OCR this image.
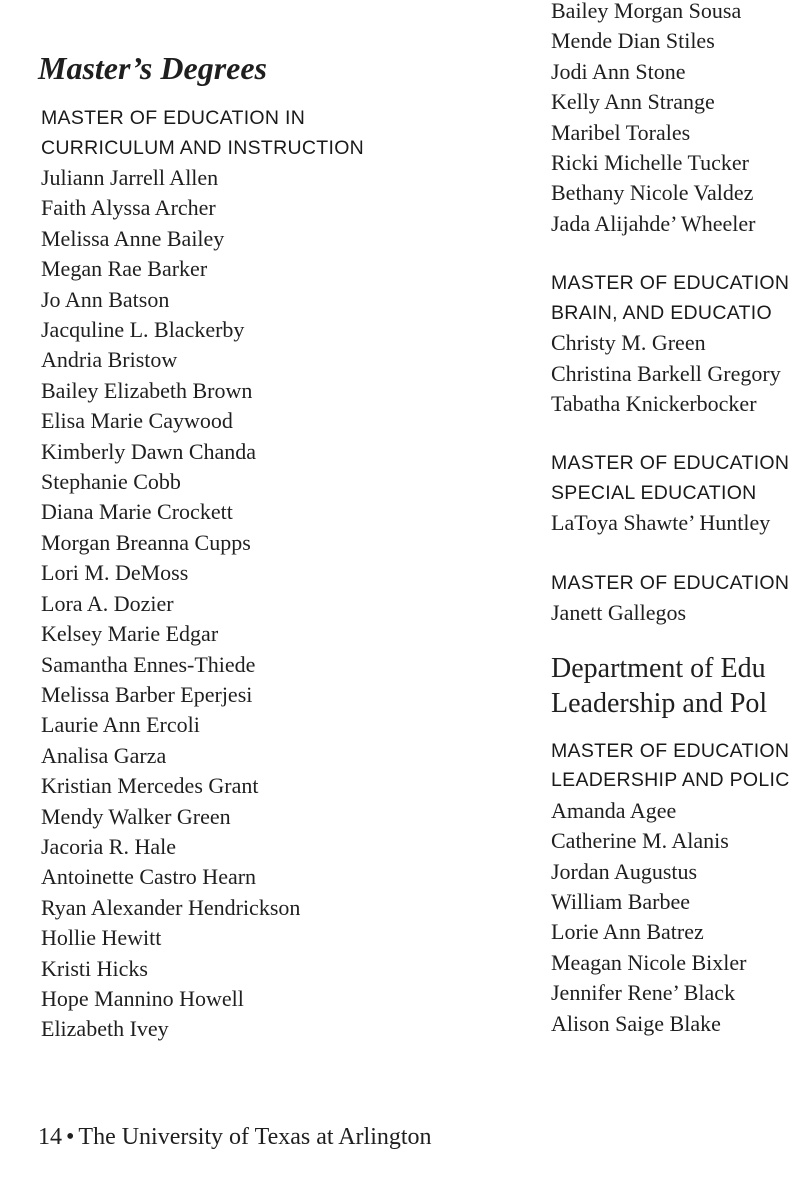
Master’s Degrees
MASTER OF EDUCATION IN
CURRICULUM AND INSTRUCTION
Juliann Jarrell Allen
Faith Alyssa Archer
Melissa Anne Bailey
Megan Rae Barker
Jo Ann Batson
Jacquline L. Blackerby
Andria Bristow
Bailey Elizabeth Brown
Elisa Marie Caywood
Kimberly Dawn Chanda
Stephanie Cobb
Diana Marie Crockett
Morgan Breanna Cupps
Lori M. DeMoss
Lora A. Dozier
Kelsey Marie Edgar
Samantha Ennes-Thiede
Melissa Barber Eperjesi
Laurie Ann Ercoli
Analisa Garza
Kristian Mercedes Grant
Mendy Walker Green
Jacoria R. Hale
Antoinette Castro Hearn
Ryan Alexander Hendrickson
Hollie Hewitt
Kristi Hicks
Hope Mannino Howell
Elizabeth Ivey
Bailey Morgan Sousa
Mende Dian Stiles
Jodi Ann Stone
Kelly Ann Strange
Maribel Torales
Ricki Michelle Tucker
Bethany Nicole Valdez
Jada Alijahde’ Wheeler
MASTER OF EDUCATION
BRAIN, AND EDUCATIO
Christy M. Green
Christina Barkell Gregory
Tabatha Knickerbocker
MASTER OF EDUCATION
SPECIAL EDUCATION
LaToya Shawte’ Huntley
MASTER OF EDUCATION
Janett Gallegos
Department of Edu
Leadership and Pol
MASTER OF EDUCATION
LEADERSHIP AND POLIC
Amanda Agee
Catherine M. Alanis
Jordan Augustus
William Barbee
Lorie Ann Batrez
Meagan Nicole Bixler
Jennifer Rene’ Black
Alison Saige Blake
14 • The University of Texas at Arlington
